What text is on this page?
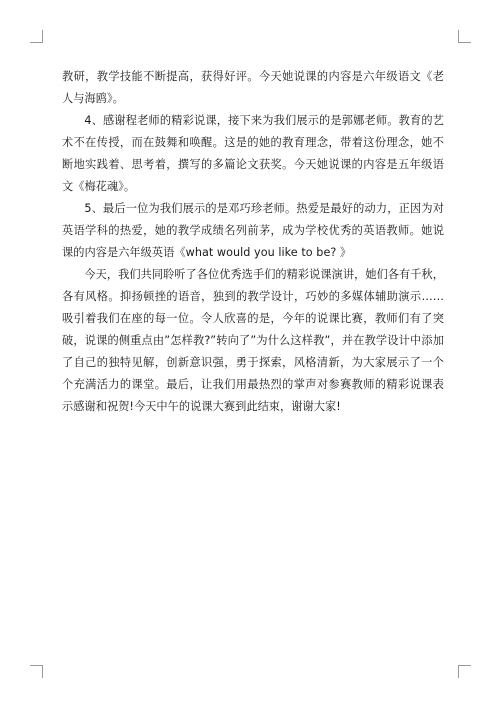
教研，教学技能不断提高，获得好评。今天她说课的内容是六年级语文《老人与海鸥》。

4、感谢程老师的精彩说课，接下来为我们展示的是郭娜老师。教育的艺术不在传授，而在鼓舞和唤醒。这是的她的教育理念，带着这份理念，她不断地实践着、思考着，撰写的多篇论文获奖。今天她说课的内容是五年级语文《梅花魂》。

5、最后一位为我们展示的是邓巧珍老师。热爱是最好的动力，正因为对英语学科的热爱，她的教学成绩名列前茅，成为学校优秀的英语教师。她说课的内容是六年级英语《what would you like to be? 》

今天，我们共同聆听了各位优秀选手们的精彩说课演讲，她们各有千秋，各有风格。抑扬顿挫的语音，独到的教学设计，巧妙的多媒体辅助演示……吸引着我们在座的每一位。令人欣喜的是，今年的说课比赛，教师们有了突破，说课的侧重点由”怎样教?”转向了”为什么这样教”，并在教学设计中添加了自己的独特见解，创新意识强，勇于探索，风格清新，为大家展示了一个个充满活力的课堂。最后，让我们用最热烈的掌声对参赛教师的精彩说课表示感谢和祝贺!今天中午的说课大赛到此结束，谢谢大家!
